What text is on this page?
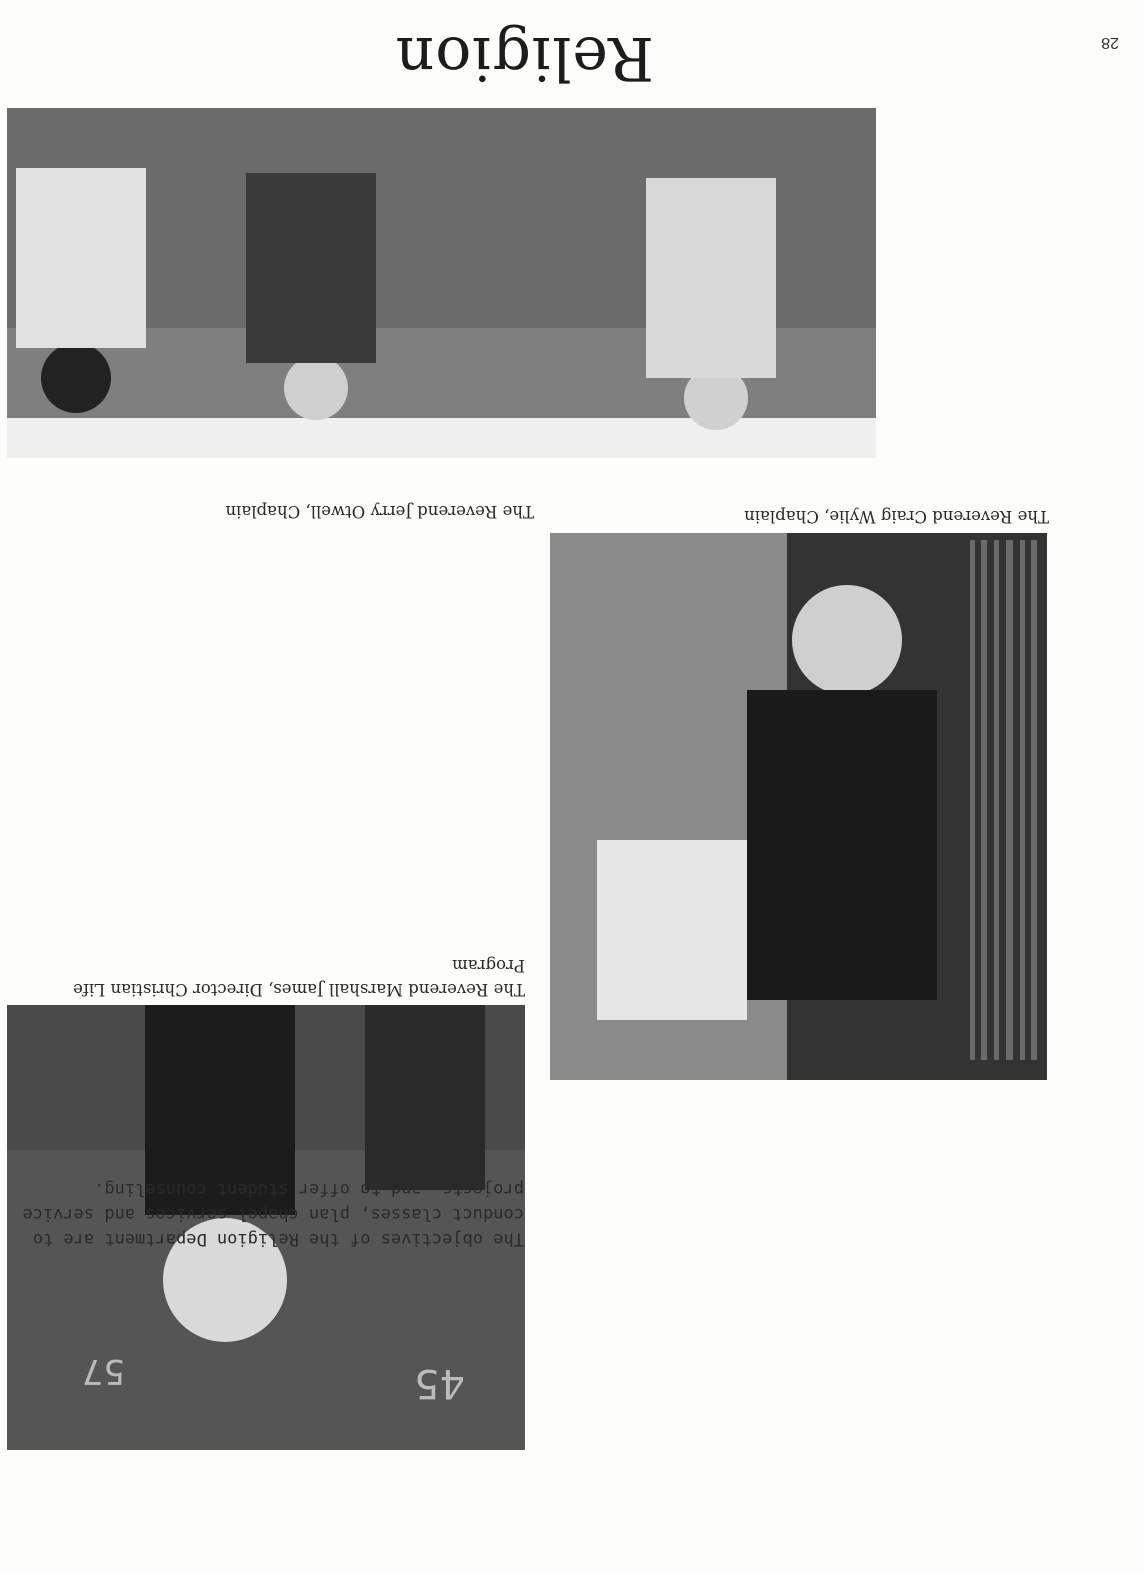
45
57
Religion

The objectives of the Religion Department are to conduct classes, plan chapel services and service projects, and to offer student counseling.

The Reverend Marshall James, Director Christian Life Program

The Reverend Craig Wylie, Chaplain

The Reverend Jerry Otwell, Chaplain

28
